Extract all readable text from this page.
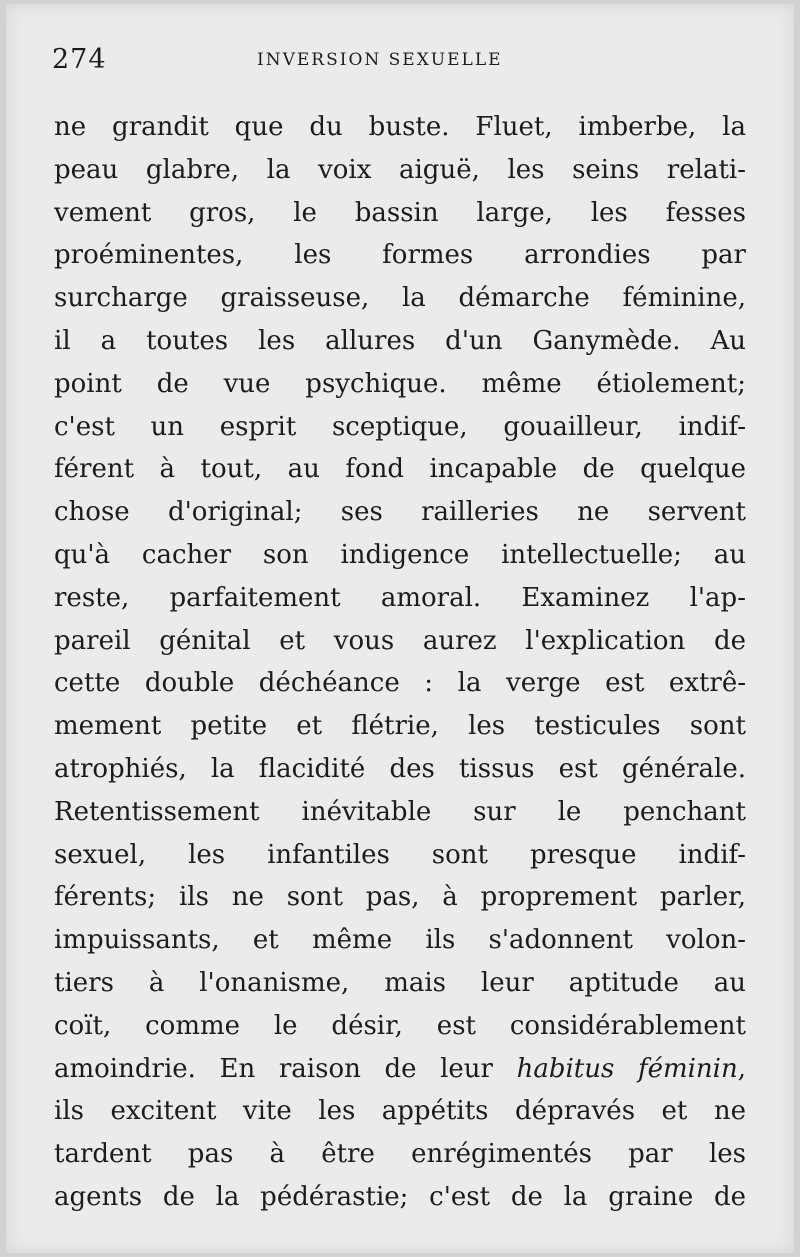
274	INVERSION SEXUELLE
ne grandit que du buste. Fluet, imberbe, la
peau glabre, la voix aiguë, les seins relati-
vement gros, le bassin large, les fesses
proéminentes, les formes arrondies par
surcharge graisseuse, la démarche féminine,
il a toutes les allures d'un Ganymède. Au
point de vue psychique. même étiolement;
c'est un esprit sceptique, gouailleur, indif-
férent à tout, au fond incapable de quelque
chose d'original; ses railleries ne servent
qu'à cacher son indigence intellectuelle; au
reste, parfaitement amoral. Examinez l'ap-
pareil génital et vous aurez l'explication de
cette double déchéance : la verge est extrê-
mement petite et flétrie, les testicules sont
atrophiés, la flacidité des tissus est générale.
Retentissement inévitable sur le penchant
sexuel, les infantiles sont presque indif-
férents; ils ne sont pas, à proprement parler,
impuissants, et même ils s'adonnent volon-
tiers à l'onanisme, mais leur aptitude au
coït, comme le désir, est considérablement
amoindrie. En raison de leur habitus féminin,
ils excitent vite les appétits dépravés et ne
tardent pas à être enrégimentés par les
agents de la pédérastie; c'est de la graine de
